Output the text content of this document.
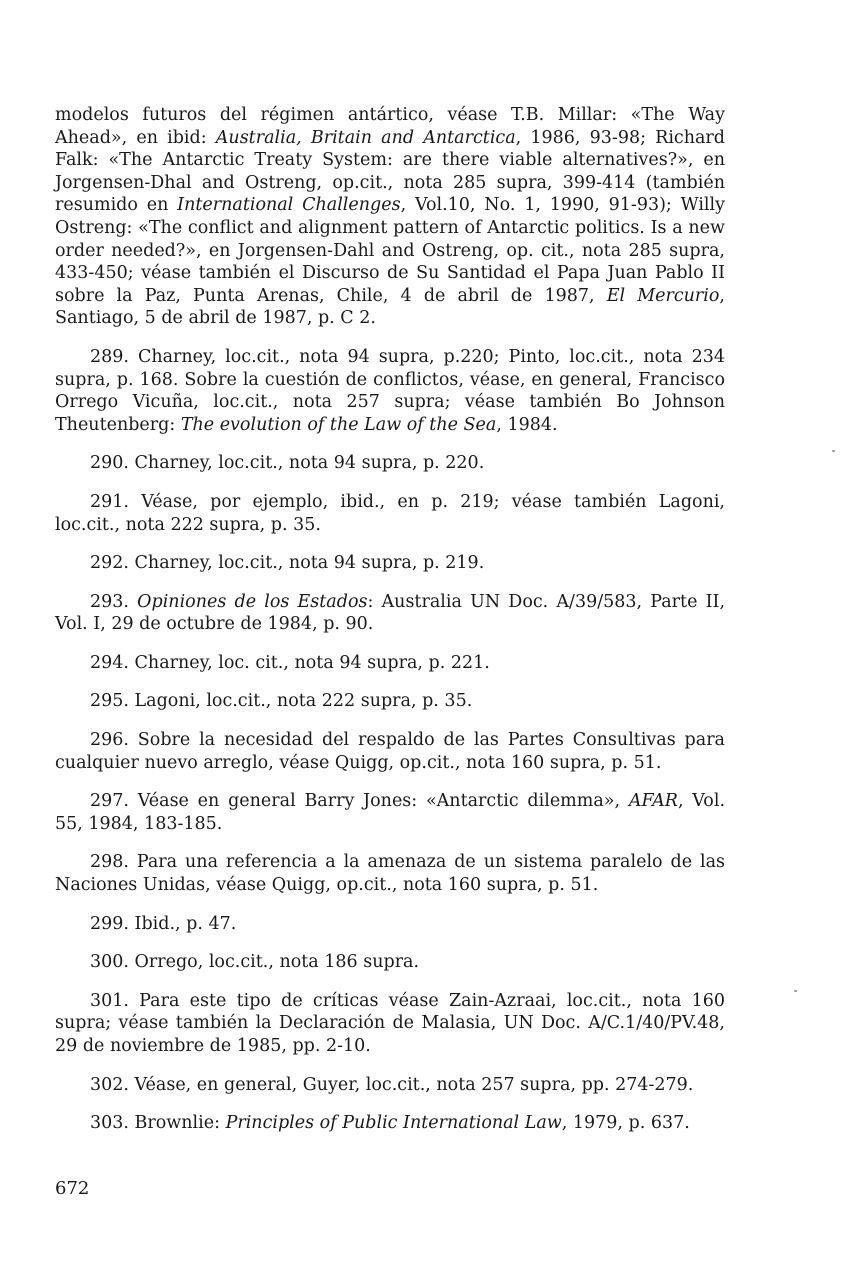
modelos futuros del régimen antártico, véase T.B. Millar: «The Way Ahead», en ibid: Australia, Britain and Antarctica, 1986, 93-98; Richard Falk: «The Antarctic Treaty System: are there viable alternatives?», en Jorgensen-Dhal and Ostreng, op.cit., nota 285 supra, 399-414 (también resumido en International Challenges, Vol.10, No. 1, 1990, 91-93); Willy Ostreng: «The conflict and alignment pattern of Antarctic politics. Is a new order needed?», en Jorgensen-Dahl and Ostreng, op. cit., nota 285 supra, 433-450; véase también el Discurso de Su Santidad el Papa Juan Pablo II sobre la Paz, Punta Arenas, Chile, 4 de abril de 1987, El Mercurio, Santiago, 5 de abril de 1987, p. C 2.

289. Charney, loc.cit., nota 94 supra, p.220; Pinto, loc.cit., nota 234 supra, p. 168. Sobre la cuestión de conflictos, véase, en general, Francisco Orrego Vicuña, loc.cit., nota 257 supra; véase también Bo Johnson Theutenberg: The evolution of the Law of the Sea, 1984.

290. Charney, loc.cit., nota 94 supra, p. 220.

291. Véase, por ejemplo, ibid., en p. 219; véase también Lagoni, loc.cit., nota 222 supra, p. 35.

292. Charney, loc.cit., nota 94 supra, p. 219.

293. Opiniones de los Estados: Australia UN Doc. A/39/583, Parte II, Vol. I, 29 de octubre de 1984, p. 90.

294. Charney, loc. cit., nota 94 supra, p. 221.

295. Lagoni, loc.cit., nota 222 supra, p. 35.

296. Sobre la necesidad del respaldo de las Partes Consultivas para cualquier nuevo arreglo, véase Quigg, op.cit., nota 160 supra, p. 51.

297. Véase en general Barry Jones: «Antarctic dilemma», AFAR, Vol. 55, 1984, 183-185.

298. Para una referencia a la amenaza de un sistema paralelo de las Naciones Unidas, véase Quigg, op.cit., nota 160 supra, p. 51.

299. Ibid., p. 47.

300. Orrego, loc.cit., nota 186 supra.

301. Para este tipo de críticas véase Zain-Azraai, loc.cit., nota 160 supra; véase también la Declaración de Malasia, UN Doc. A/C.1/40/PV.48, 29 de noviembre de 1985, pp. 2-10.

302. Véase, en general, Guyer, loc.cit., nota 257 supra, pp. 274-279.

303. Brownlie: Principles of Public International Law, 1979, p. 637.

672
